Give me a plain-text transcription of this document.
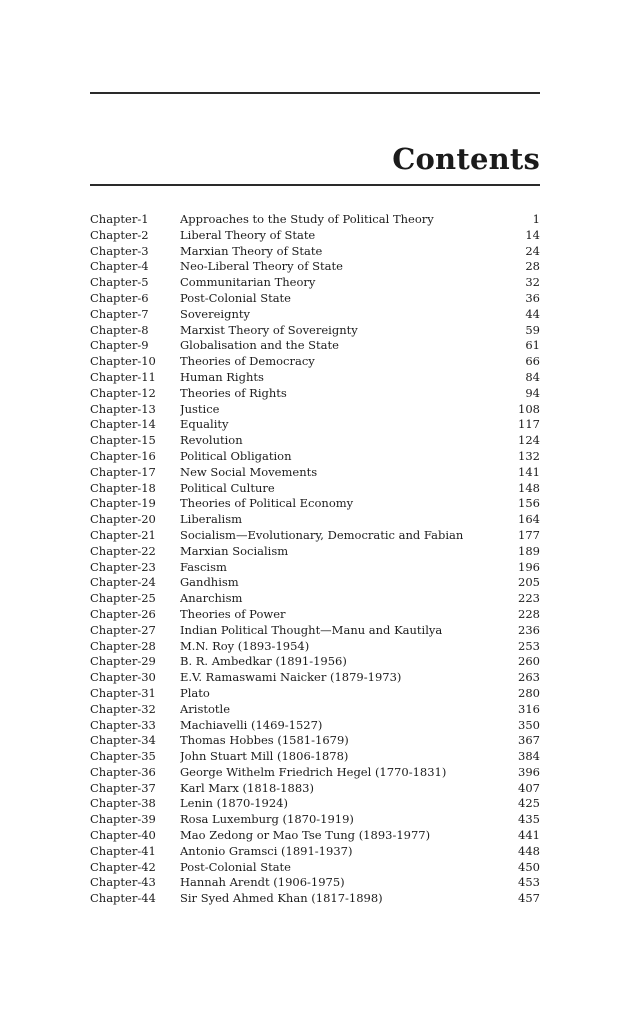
Contents
Chapter-1	Approaches to the Study of Political Theory	1
Chapter-2	Liberal Theory of State	14
Chapter-3	Marxian Theory of State	24
Chapter-4	Neo-Liberal Theory of State	28
Chapter-5	Communitarian Theory	32
Chapter-6	Post-Colonial State	36
Chapter-7	Sovereignty	44
Chapter-8	Marxist Theory of Sovereignty	59
Chapter-9	Globalisation and the State	61
Chapter-10	Theories of Democracy	66
Chapter-11	Human Rights	84
Chapter-12	Theories of Rights	94
Chapter-13	Justice	108
Chapter-14	Equality	117
Chapter-15	Revolution	124
Chapter-16	Political Obligation	132
Chapter-17	New Social Movements	141
Chapter-18	Political Culture	148
Chapter-19	Theories of Political Economy	156
Chapter-20	Liberalism	164
Chapter-21	Socialism—Evolutionary, Democratic and Fabian	177
Chapter-22	Marxian Socialism	189
Chapter-23	Fascism	196
Chapter-24	Gandhism	205
Chapter-25	Anarchism	223
Chapter-26	Theories of Power	228
Chapter-27	Indian Political Thought—Manu and Kautilya	236
Chapter-28	M.N. Roy (1893-1954)	253
Chapter-29	B. R. Ambedkar (1891-1956)	260
Chapter-30	E.V. Ramaswami Naicker (1879-1973)	263
Chapter-31	Plato	280
Chapter-32	Aristotle	316
Chapter-33	Machiavelli (1469-1527)	350
Chapter-34	Thomas Hobbes (1581-1679)	367
Chapter-35	John Stuart Mill (1806-1878)	384
Chapter-36	George Withelm Friedrich Hegel (1770-1831)	396
Chapter-37	Karl Marx (1818-1883)	407
Chapter-38	Lenin (1870-1924)	425
Chapter-39	Rosa Luxemburg (1870-1919)	435
Chapter-40	Mao Zedong or Mao Tse Tung (1893-1977)	441
Chapter-41	Antonio Gramsci (1891-1937)	448
Chapter-42	Post-Colonial State	450
Chapter-43	Hannah Arendt (1906-1975)	453
Chapter-44	Sir Syed Ahmed Khan (1817-1898)	457
